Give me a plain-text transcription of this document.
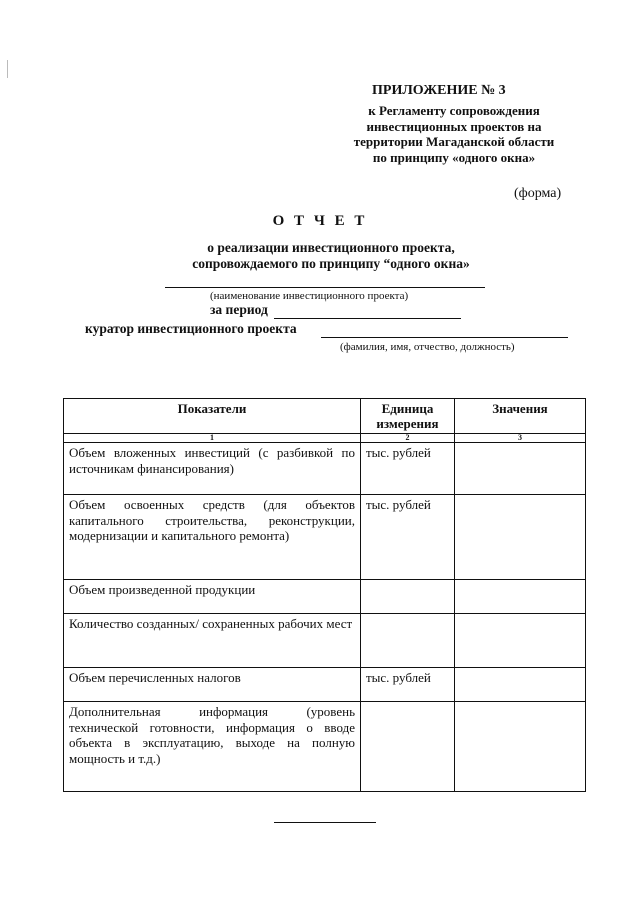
ПРИЛОЖЕНИЕ № 3
к Регламенту сопровождения
инвестиционных проектов на
территории Магаданской области
по принципу «одного окна»
(форма)
О Т Ч Е Т
о реализации инвестиционного проекта,
сопровождаемого по принципу “одного окна»
(наименование инвестиционного проекта)
за период
куратор инвестиционного проекта
(фамилия, имя, отчество, должность)
Показатели	Единица измерения	Значения
1	2	3
Объем вложенных инвестиций (с разбивкой по источникам финансирования)	тыс. рублей	
Объем освоенных средств (для объектов капитального строительства, реконструкции, модернизации и капитального ремонта)	тыс. рублей	
Объем произведенной продукции		
Количество созданных/ сохраненных рабочих мест		
Объем перечисленных налогов	тыс. рублей	
Дополнительная информация (уровень технической готовности, информация о вводе объекта в эксплуатацию, выходе на полную мощность и т.д.)		
